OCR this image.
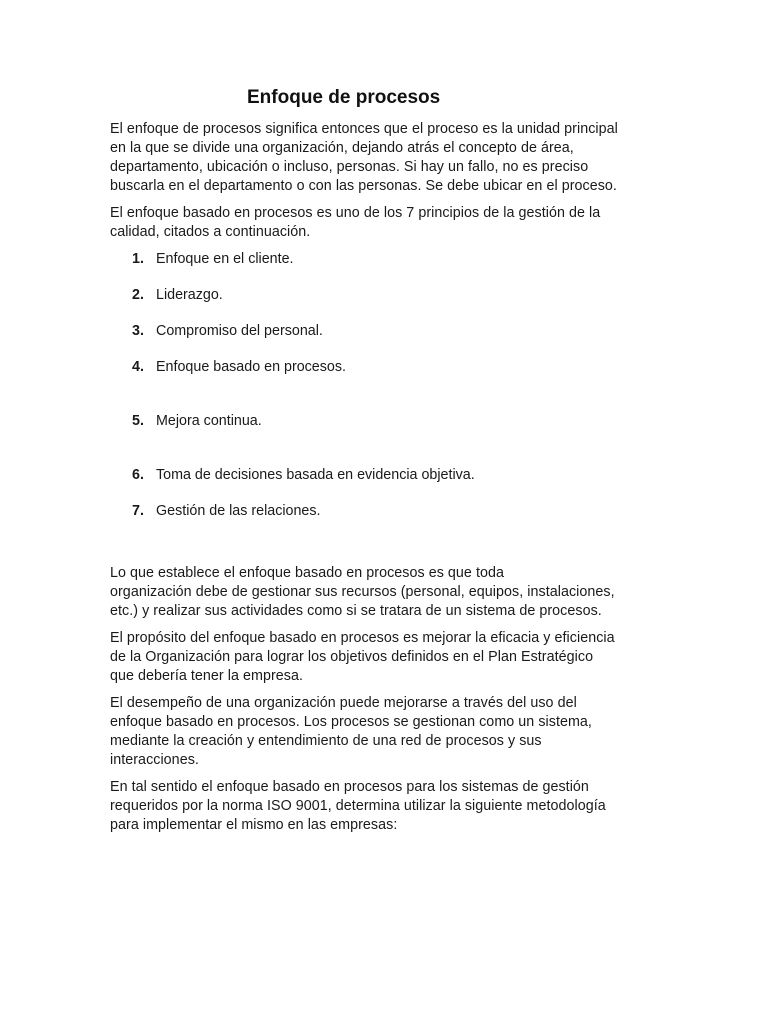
Enfoque de procesos

El enfoque de procesos significa entonces que el proceso es la unidad principal
en la que se divide una organización, dejando atrás el concepto de área,
departamento, ubicación o incluso, personas. Si hay un fallo, no es preciso
buscarla en el departamento o con las personas. Se debe ubicar en el proceso.

El enfoque basado en procesos es uno de los 7 principios de la gestión de la
calidad, citados a continuación.

1. Enfoque en el cliente.
2. Liderazgo.
3. Compromiso del personal.
4. Enfoque basado en procesos.
5. Mejora continua.
6. Toma de decisiones basada en evidencia objetiva.
7. Gestión de las relaciones.

Lo que establece el enfoque basado en procesos es que toda
organización debe de gestionar sus recursos (personal, equipos, instalaciones,
etc.) y realizar sus actividades como si se tratara de un sistema de procesos.

El propósito del enfoque basado en procesos es mejorar la eficacia y eficiencia
de la Organización para lograr los objetivos definidos en el Plan Estratégico
que debería tener la empresa.

El desempeño de una organización puede mejorarse a través del uso del
enfoque basado en procesos. Los procesos se gestionan como un sistema,
mediante la creación y entendimiento de una red de procesos y sus
interacciones.

En tal sentido el enfoque basado en procesos para los sistemas de gestión
requeridos por la norma ISO 9001, determina utilizar la siguiente metodología
para implementar el mismo en las empresas:
